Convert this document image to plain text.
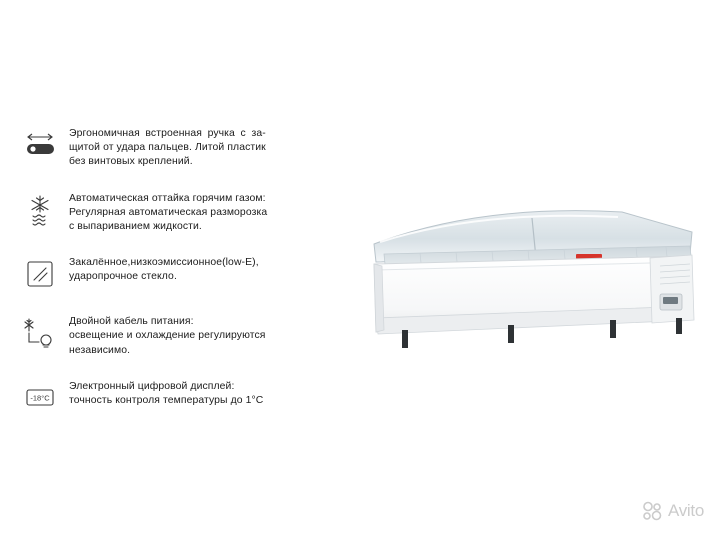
Эргономичная встроенная ручка с за-
щитой от удара пальцев. Литой пластик
без винтовых креплений.
Автоматическая оттайка горячим газом:
Регулярная автоматическая разморозка
с выпариванием жидкости.
Закалённое, низкоэмиссионное (low-E),
ударопрочное стекло.
Двойной кабель питания:
освещение и охлаждение регулируются
независимо.
-18°C
Электронный цифровой дисплей:
точность контроля температуры до 1°C
Avito
